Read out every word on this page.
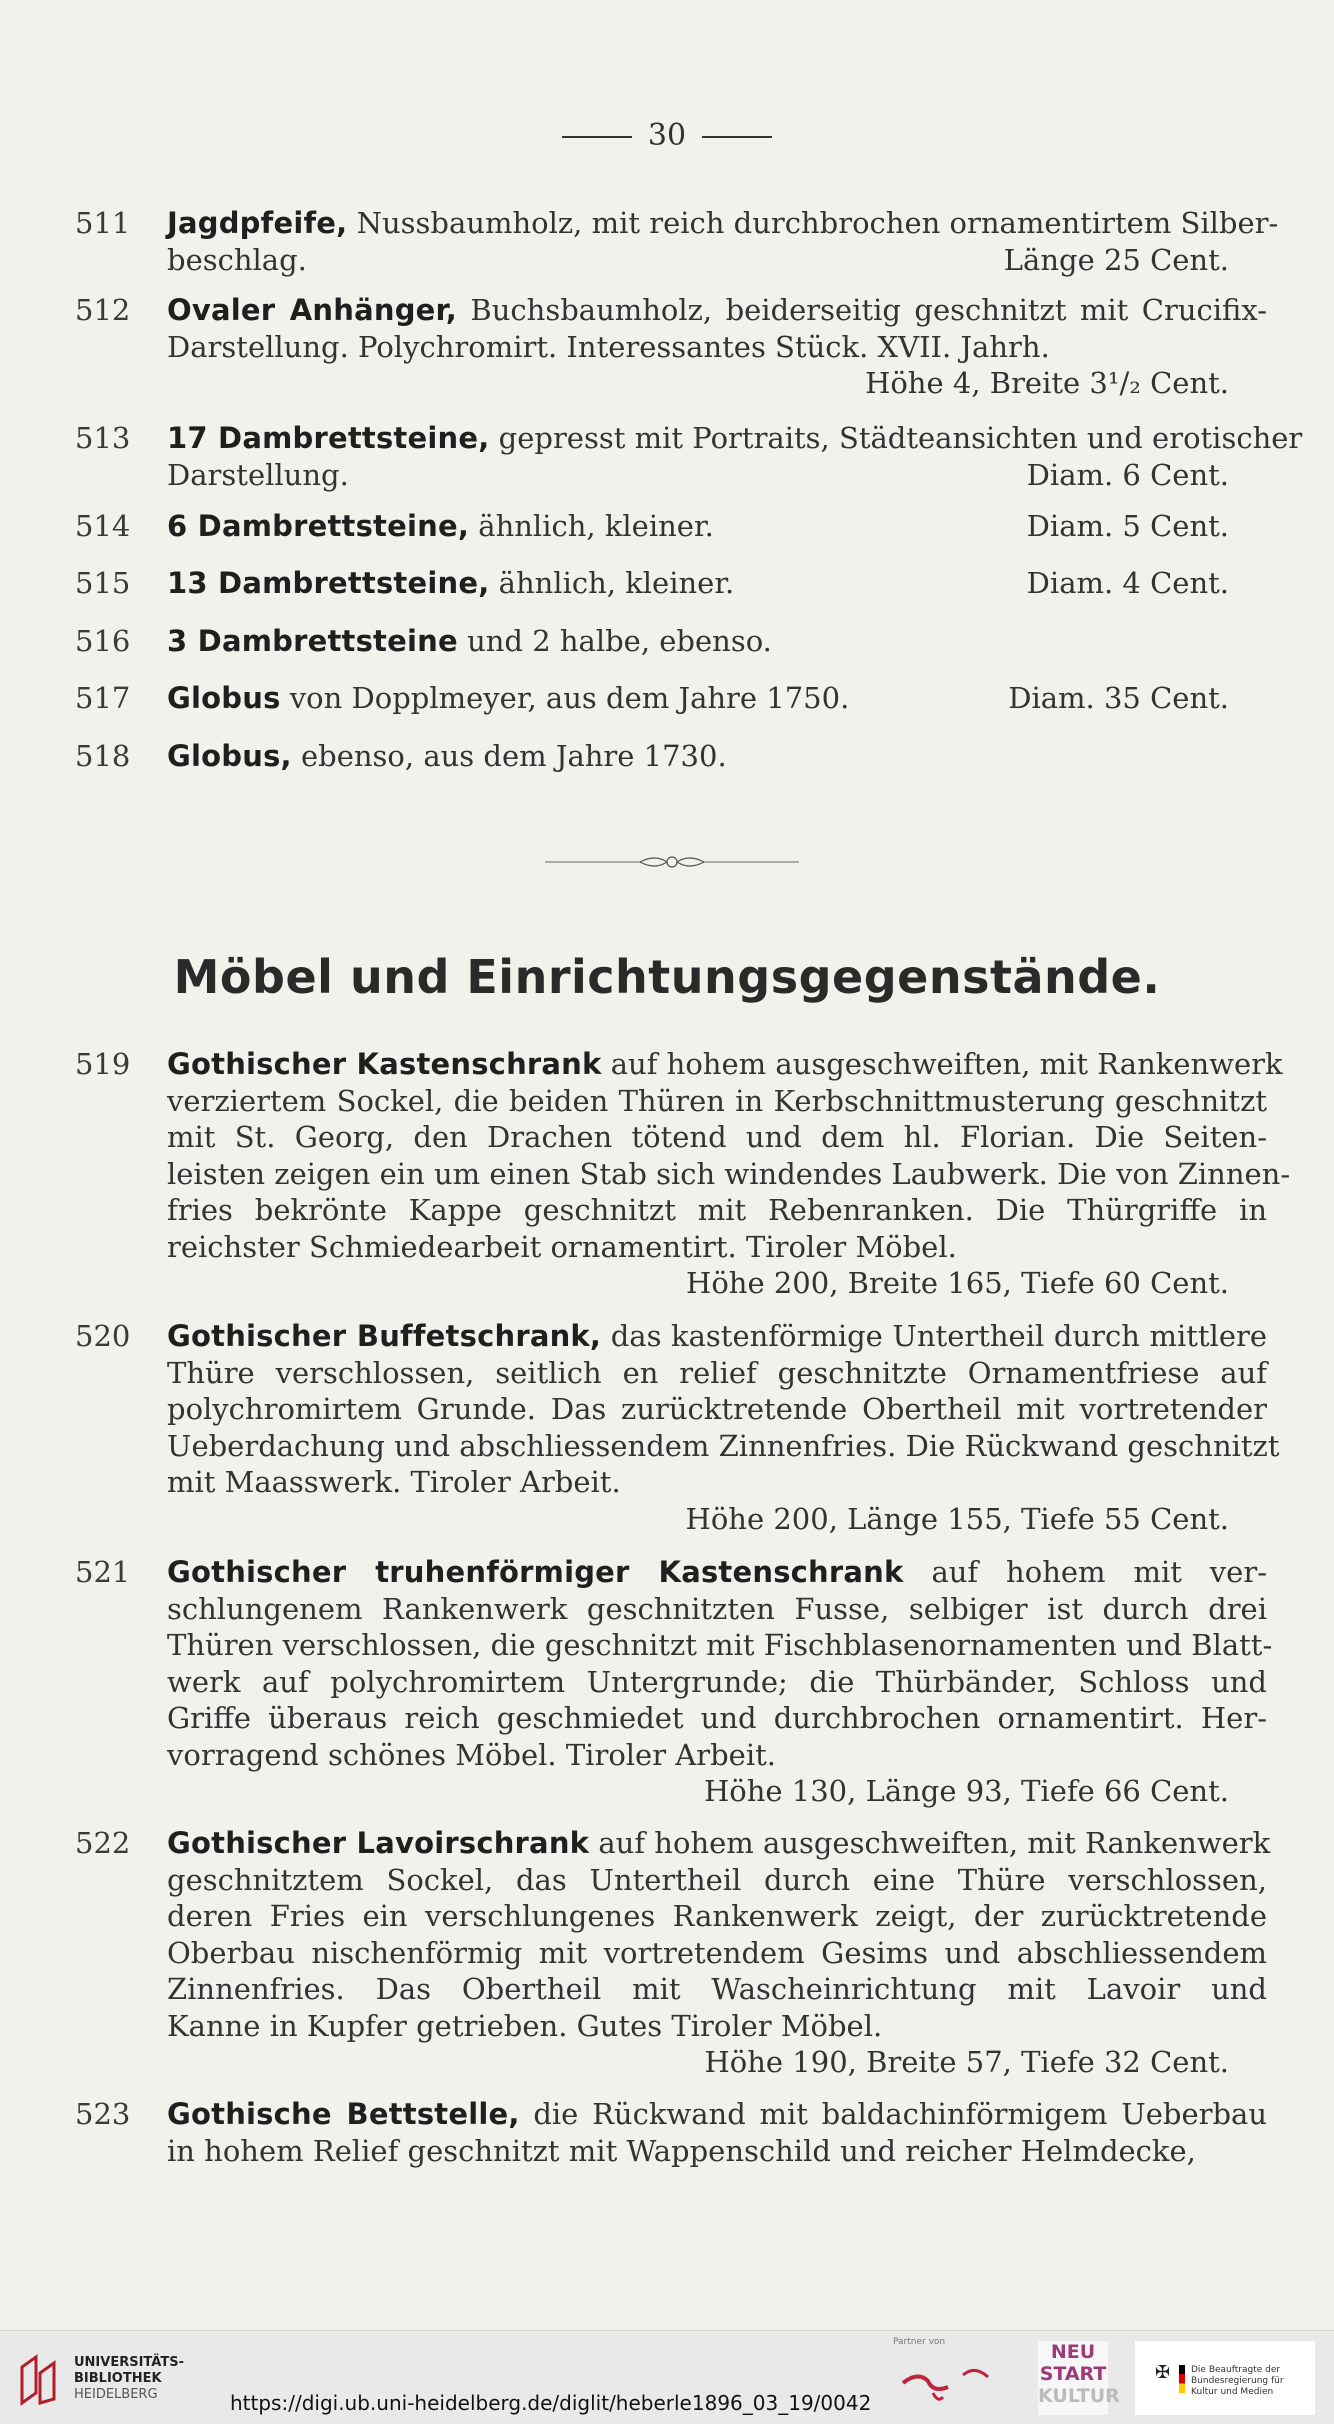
30
511	Jagdpfeife, Nussbaumholz, mit reich durchbrochen ornamentirtem Silber-
beschlag.	Länge 25 Cent.
512	Ovaler Anhänger, Buchsbaumholz, beiderseitig geschnitzt mit Crucifix-
Darstellung. Polychromirt. Interessantes Stück. XVII. Jahrh.
Höhe 4, Breite 3¹/₂ Cent.
513	17 Dambrettsteine, gepresst mit Portraits, Städteansichten und erotischer
Darstellung.	Diam. 6 Cent.
514	6 Dambrettsteine, ähnlich, kleiner.	Diam. 5 Cent.
515	13 Dambrettsteine, ähnlich, kleiner.	Diam. 4 Cent.
516	3 Dambrettsteine und 2 halbe, ebenso.
517	Globus von Dopplmeyer, aus dem Jahre 1750.	Diam. 35 Cent.
518	Globus, ebenso, aus dem Jahre 1730.
Möbel und Einrichtungsgegenstände.
519	Gothischer Kastenschrank auf hohem ausgeschweiften, mit Rankenwerk
verziertem Sockel, die beiden Thüren in Kerbschnittmusterung geschnitzt
mit St. Georg, den Drachen tötend und dem hl. Florian. Die Seiten-
leisten zeigen ein um einen Stab sich windendes Laubwerk. Die von Zinnen-
fries bekrönte Kappe geschnitzt mit Rebenranken. Die Thürgriffe in
reichster Schmiedearbeit ornamentirt. Tiroler Möbel.
Höhe 200, Breite 165, Tiefe 60 Cent.
520	Gothischer Buffetschrank, das kastenförmige Untertheil durch mittlere
Thüre verschlossen, seitlich en relief geschnitzte Ornamentfriese auf
polychromirtem Grunde. Das zurücktretende Obertheil mit vortretender
Ueberdachung und abschliessendem Zinnenfries. Die Rückwand geschnitzt
mit Maasswerk. Tiroler Arbeit.
Höhe 200, Länge 155, Tiefe 55 Cent.
521	Gothischer truhenförmiger Kastenschrank auf hohem mit ver-
schlungenem Rankenwerk geschnitzten Fusse, selbiger ist durch drei
Thüren verschlossen, die geschnitzt mit Fischblasenornamenten und Blatt-
werk auf polychromirtem Untergrunde; die Thürbänder, Schloss und
Griffe überaus reich geschmiedet und durchbrochen ornamentirt. Her-
vorragend schönes Möbel. Tiroler Arbeit.
Höhe 130, Länge 93, Tiefe 66 Cent.
522	Gothischer Lavoirschrank auf hohem ausgeschweiften, mit Rankenwerk
geschnitztem Sockel, das Untertheil durch eine Thüre verschlossen,
deren Fries ein verschlungenes Rankenwerk zeigt, der zurücktretende
Oberbau nischenförmig mit vortretendem Gesims und abschliessendem
Zinnenfries. Das Obertheil mit Wascheinrichtung mit Lavoir und
Kanne in Kupfer getrieben. Gutes Tiroler Möbel.
Höhe 190, Breite 57, Tiefe 32 Cent.
523	Gothische Bettstelle, die Rückwand mit baldachinförmigem Ueberbau
in hohem Relief geschnitzt mit Wappenschild und reicher Helmdecke,
UNIVERSITÄTS-
BIBLIOTHEK
HEIDELBERG	https://digi.ub.uni-heidelberg.de/diglit/heberle1896_03_19/0042
Partner von	NEU
START
KULTUR
✠ Die Beauftragte der Bundesregierung für Kultur und Medien
